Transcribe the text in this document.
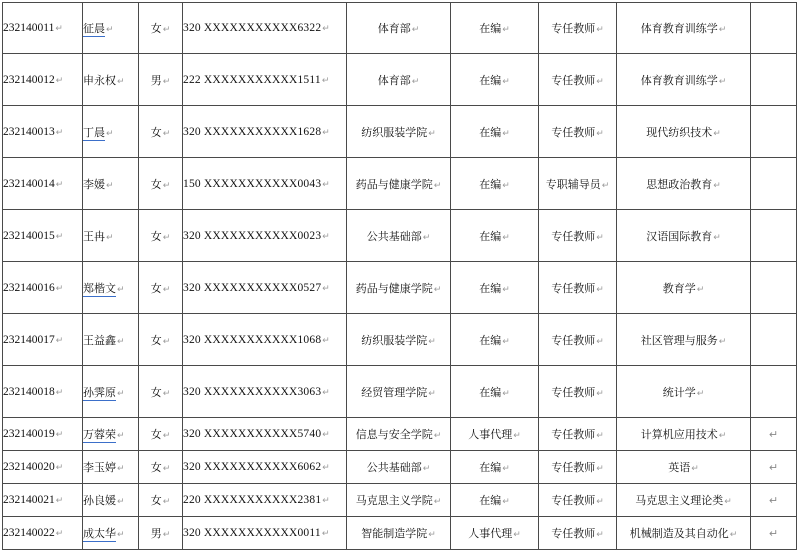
232140011↵	征晨↵	女↵	320 XXXXXXXXXXX6322↵	体育部↵	在编↵	专任教师↵	体育教育训练学↵	
232140012↵	申永权↵	男↵	222 XXXXXXXXXXX1511↵	体育部↵	在编↵	专任教师↵	体育教育训练学↵	
232140013↵	丁晨↵	女↵	320 XXXXXXXXXXX1628↵	纺织服装学院↵	在编↵	专任教师↵	现代纺织技术↵	
232140014↵	李媛↵	女↵	150 XXXXXXXXXXX0043↵	药品与健康学院↵	在编↵	专职辅导员↵	思想政治教育↵	
232140015↵	王冉↵	女↵	320 XXXXXXXXXXX0023↵	公共基础部↵	在编↵	专任教师↵	汉语国际教育↵	
232140016↵	郑楷文↵	女↵	320 XXXXXXXXXXX0527↵	药品与健康学院↵	在编↵	专任教师↵	教育学↵	
232140017↵	王益鑫↵	女↵	320 XXXXXXXXXXX1068↵	纺织服装学院↵	在编↵	专任教师↵	社区管理与服务↵	
232140018↵	孙霁原↵	女↵	320 XXXXXXXXXXX3063↵	经贸管理学院↵	在编↵	专任教师↵	统计学↵	
232140019↵	万蓉荣↵	女↵	320 XXXXXXXXXXX5740↵	信息与安全学院↵	人事代理↵	专任教师↵	计算机应用技术↵	↵
232140020↵	李玉婷↵	女↵	320 XXXXXXXXXXX6062↵	公共基础部↵	在编↵	专任教师↵	英语↵	↵
232140021↵	孙良媛↵	女↵	220 XXXXXXXXXXX2381↵	马克思主义学院↵	在编↵	专任教师↵	马克思主义理论类↵	↵
232140022↵	成太华↵	男↵	320 XXXXXXXXXXX0011↵	智能制造学院↵	人事代理↵	专任教师↵	机械制造及其自动化↵	↵
